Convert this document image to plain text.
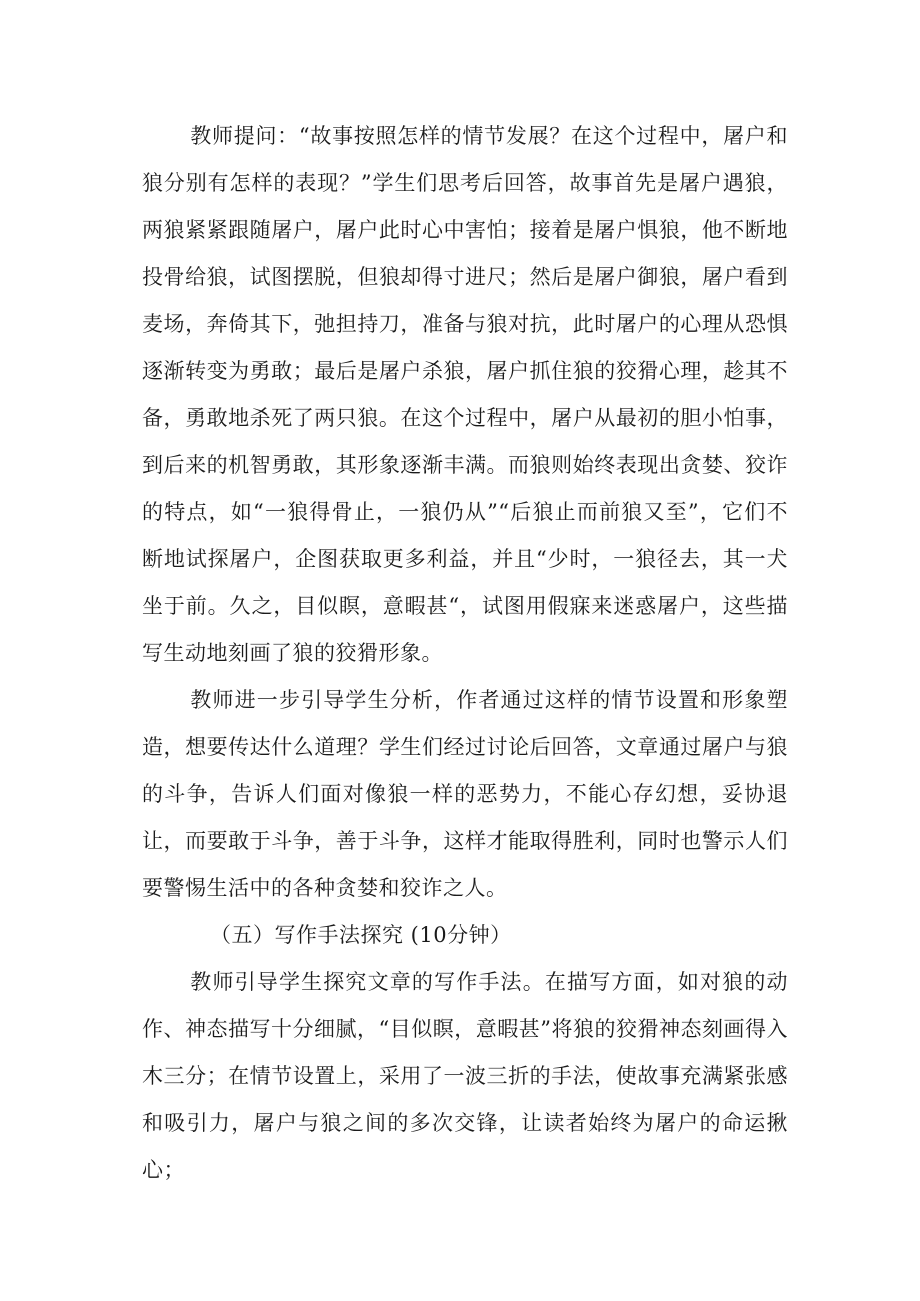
教师提问：“故事按照怎样的情节发展？在这个过程中，屠户和狼分别有怎样的表现？”学生们思考后回答，故事首先是屠户遇狼，两狼紧紧跟随屠户，屠户此时心中害怕；接着是屠户惧狼，他不断地投骨给狼，试图摆脱，但狼却得寸进尺；然后是屠户御狼，屠户看到麦场，奔倚其下，弛担持刀，准备与狼对抗，此时屠户的心理从恐惧逐渐转变为勇敢；最后是屠户杀狼，屠户抓住狼的狡猾心理，趁其不备，勇敢地杀死了两只狼。在这个过程中，屠户从最初的胆小怕事，到后来的机智勇敢，其形象逐渐丰满。而狼则始终表现出贪婪、狡诈的特点，如“一狼得骨止，一狼仍从”“后狼止而前狼又至”，它们不断地试探屠户，企图获取更多利益，并且“少时，一狼径去，其一犬坐于前。久之，目似瞑，意暇甚“，试图用假寐来迷惑屠户，这些描写生动地刻画了狼的狡猾形象。

教师进一步引导学生分析，作者通过这样的情节设置和形象塑造，想要传达什么道理？学生们经过讨论后回答，文章通过屠户与狼的斗争，告诉人们面对像狼一样的恶势力，不能心存幻想，妥协退让，而要敢于斗争，善于斗争，这样才能取得胜利，同时也警示人们要警惕生活中的各种贪婪和狡诈之人。

（五）写作手法探究 (10分钟）

教师引导学生探究文章的写作手法。在描写方面，如对狼的动作、神态描写十分细腻，“目似瞑，意暇甚”将狼的狡猾神态刻画得入木三分；在情节设置上，采用了一波三折的手法，使故事充满紧张感和吸引力，屠户与狼之间的多次交锋，让读者始终为屠户的命运揪心；
